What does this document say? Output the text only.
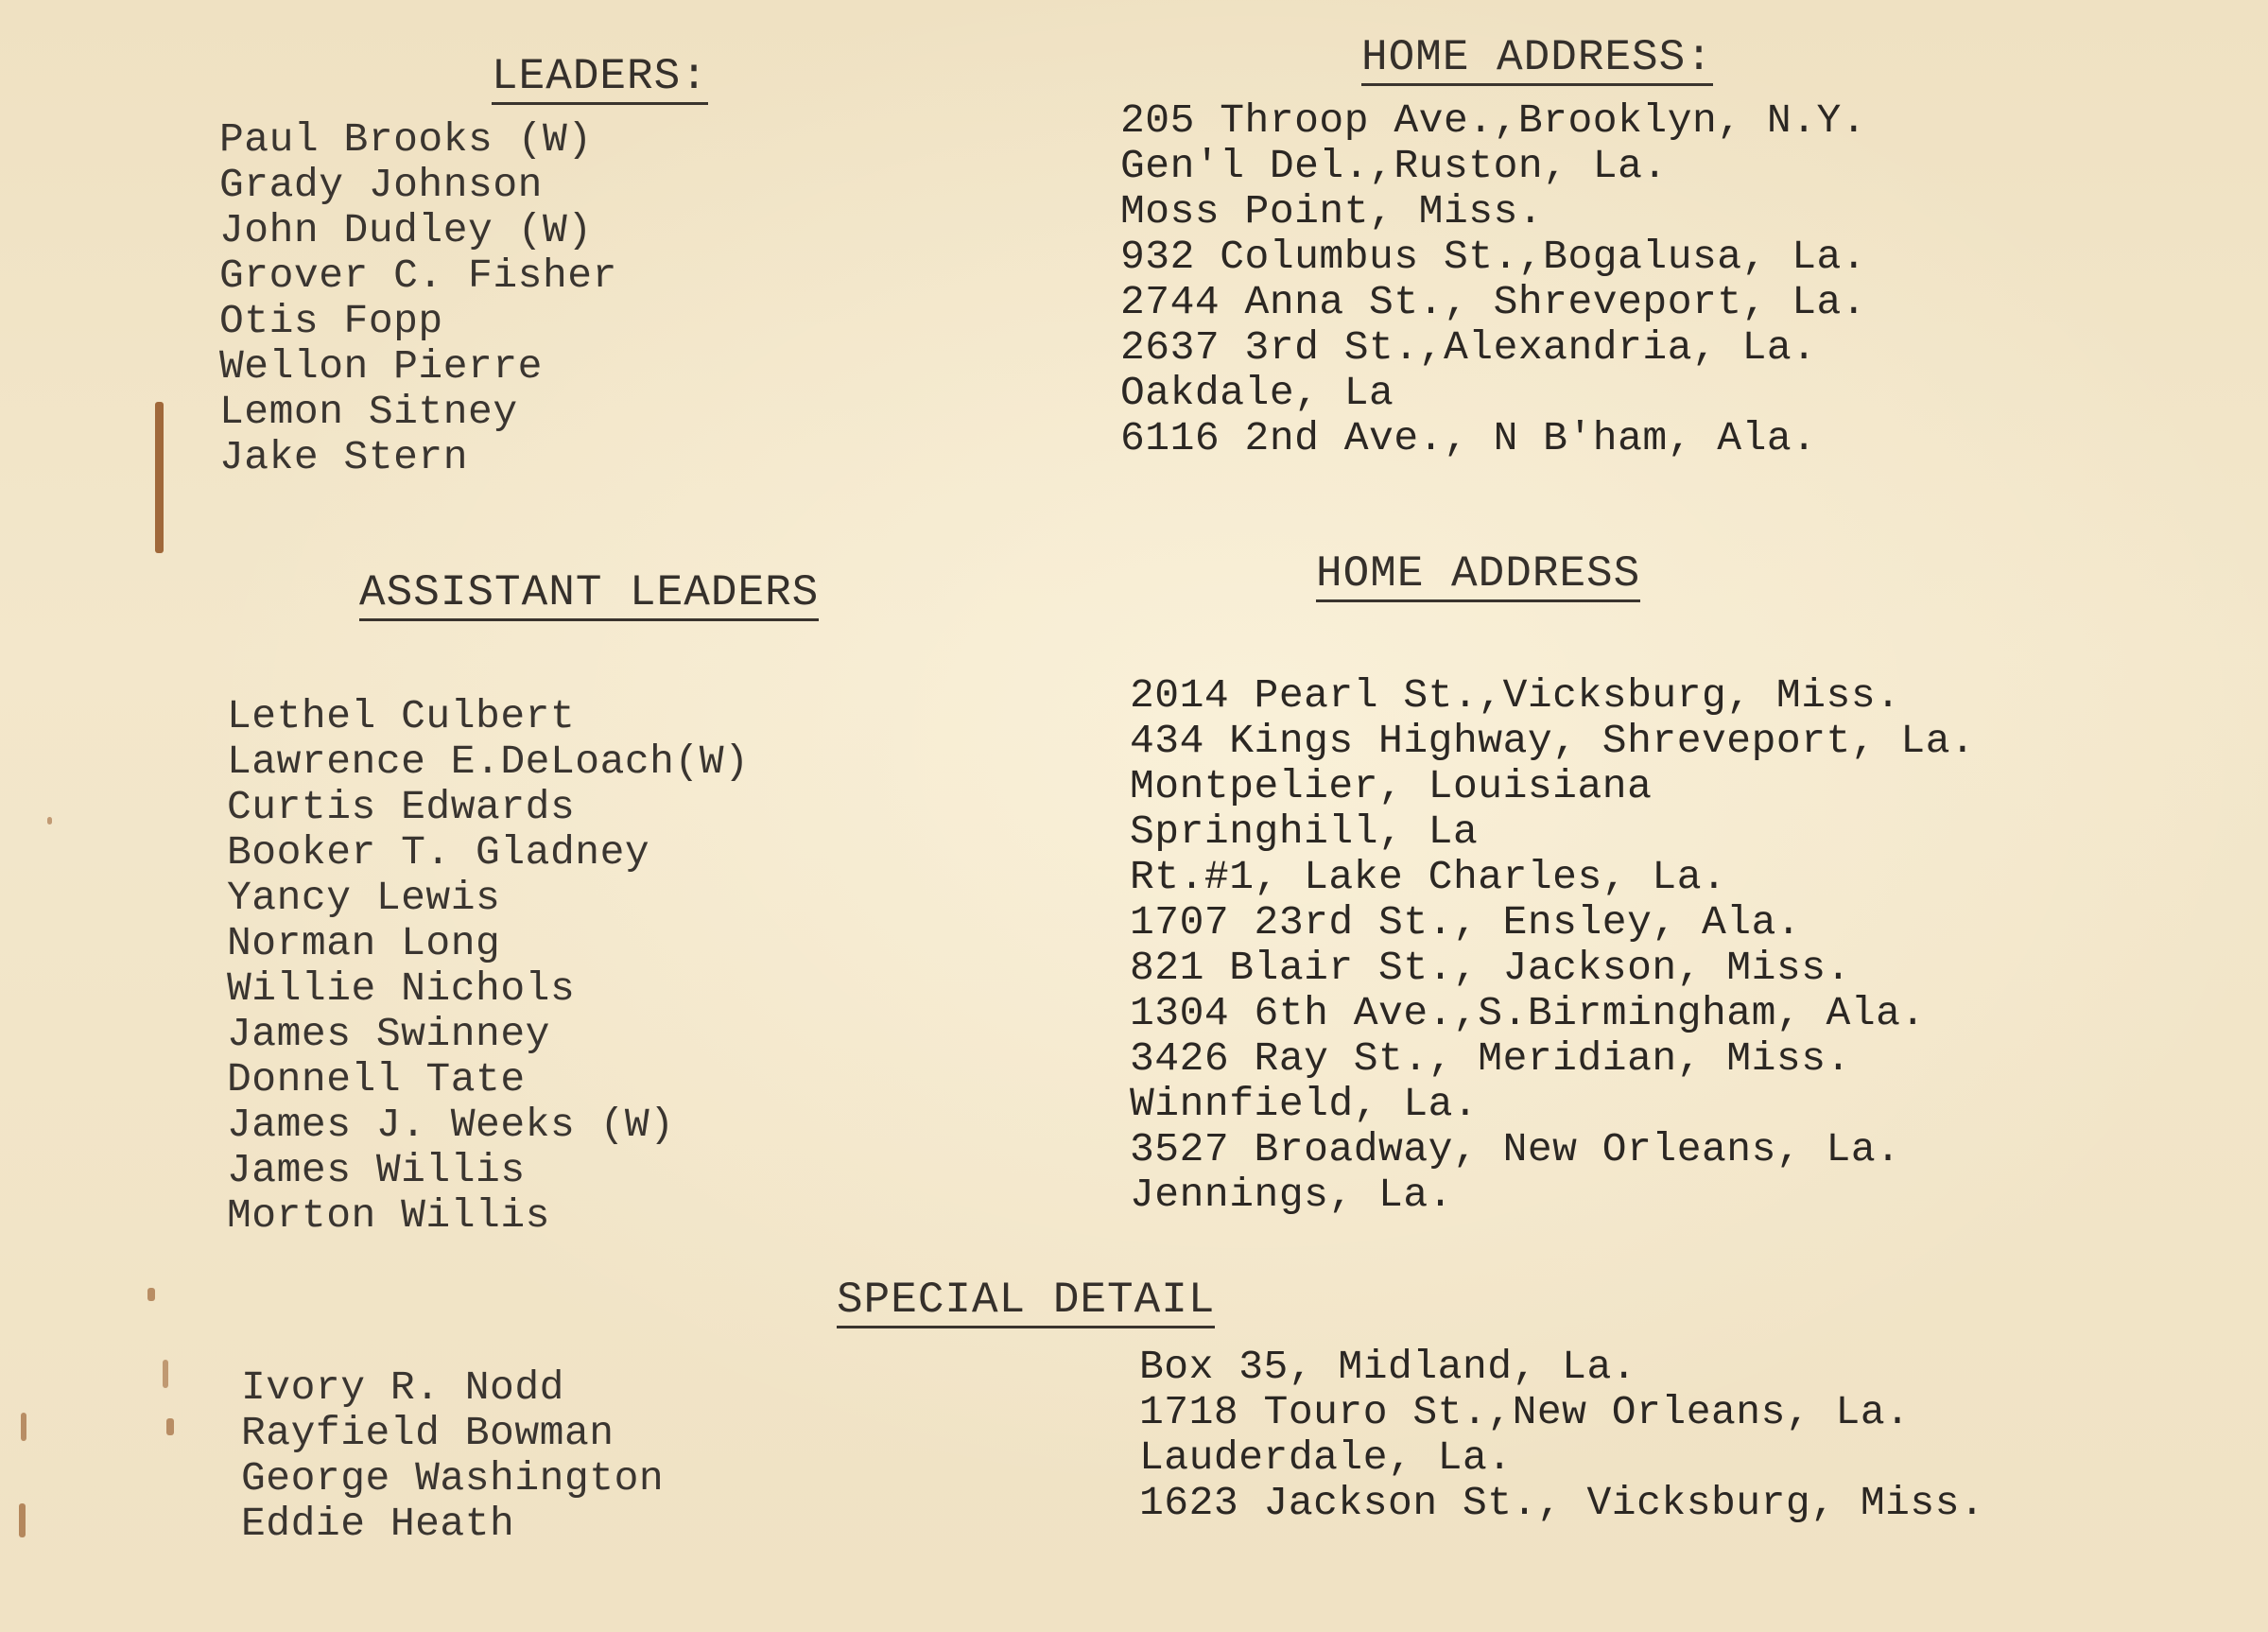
LEADERS:	HOME ADDRESS:
Paul Brooks (W)
Grady Johnson
John Dudley (W)
Grover C. Fisher
Otis Fopp
Wellon Pierre
Lemon Sitney
Jake Stern
205 Throop Ave.,Brooklyn, N.Y.
Gen'l Del.,Ruston, La.
Moss Point, Miss.
932 Columbus St.,Bogalusa, La.
2744 Anna St., Shreveport, La.
2637 3rd St.,Alexandria, La.
Oakdale, La
6116 2nd Ave., N B'ham, Ala.
ASSISTANT LEADERS	HOME ADDRESS
Lethel Culbert
Lawrence E.DeLoach(W)
Curtis Edwards
Booker T. Gladney
Yancy Lewis
Norman Long
Willie Nichols
James Swinney
Donnell Tate
James J. Weeks (W)
James Willis
Morton Willis
2014 Pearl St.,Vicksburg, Miss.
434 Kings Highway, Shreveport, La.
Montpelier, Louisiana
Springhill, La
Rt.#1, Lake Charles, La.
1707 23rd St., Ensley, Ala.
821 Blair St., Jackson, Miss.
1304 6th Ave.,S.Birmingham, Ala.
3426 Ray St., Meridian, Miss.
Winnfield, La.
3527 Broadway, New Orleans, La.
Jennings, La.
SPECIAL DETAIL
Ivory R. Nodd
Rayfield Bowman
George Washington
Eddie Heath
Box 35, Midland, La.
1718 Touro St.,New Orleans, La.
Lauderdale, La.
1623 Jackson St., Vicksburg, Miss.
